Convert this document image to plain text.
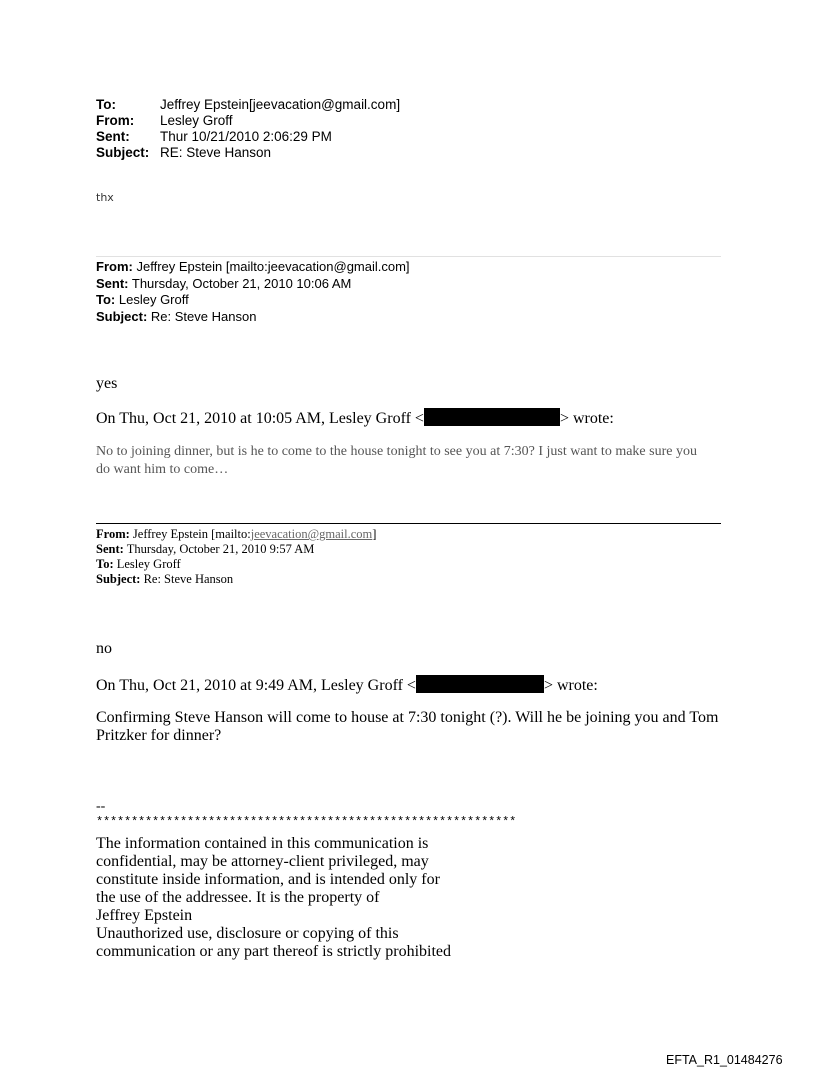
To:	Jeffrey Epstein[jeevacation@gmail.com]
From:	Lesley Groff
Sent:	Thur 10/21/2010 2:06:29 PM
Subject: RE: Steve Hanson
thx
From: Jeffrey Epstein [mailto:jeevacation@gmail.com]
Sent: Thursday, October 21, 2010 10:06 AM
To: Lesley Groff
Subject: Re: Steve Hanson
yes
On Thu, Oct 21, 2010 at 10:05 AM, Lesley Groff <	> wrote:
No to joining dinner, but is he to come to the house tonight to see you at 7:30? I just want to make sure you do want him to come…
From: Jeffrey Epstein [mailto:jeevacation@gmail.com]
Sent: Thursday, October 21, 2010 9:57 AM
To: Lesley Groff
Subject: Re: Steve Hanson
no
On Thu, Oct 21, 2010 at 9:49 AM, Lesley Groff <	> wrote:
Confirming Steve Hanson will come to house at 7:30 tonight (?). Will he be joining you and Tom Pritzker for dinner?
--
************************************************************
The information contained in this communication is
confidential, may be attorney-client privileged, may
constitute inside information, and is intended only for
the use of the addressee. It is the property of
Jeffrey Epstein
Unauthorized use, disclosure or copying of this
communication or any part thereof is strictly prohibited
EFTA_R1_01484276
